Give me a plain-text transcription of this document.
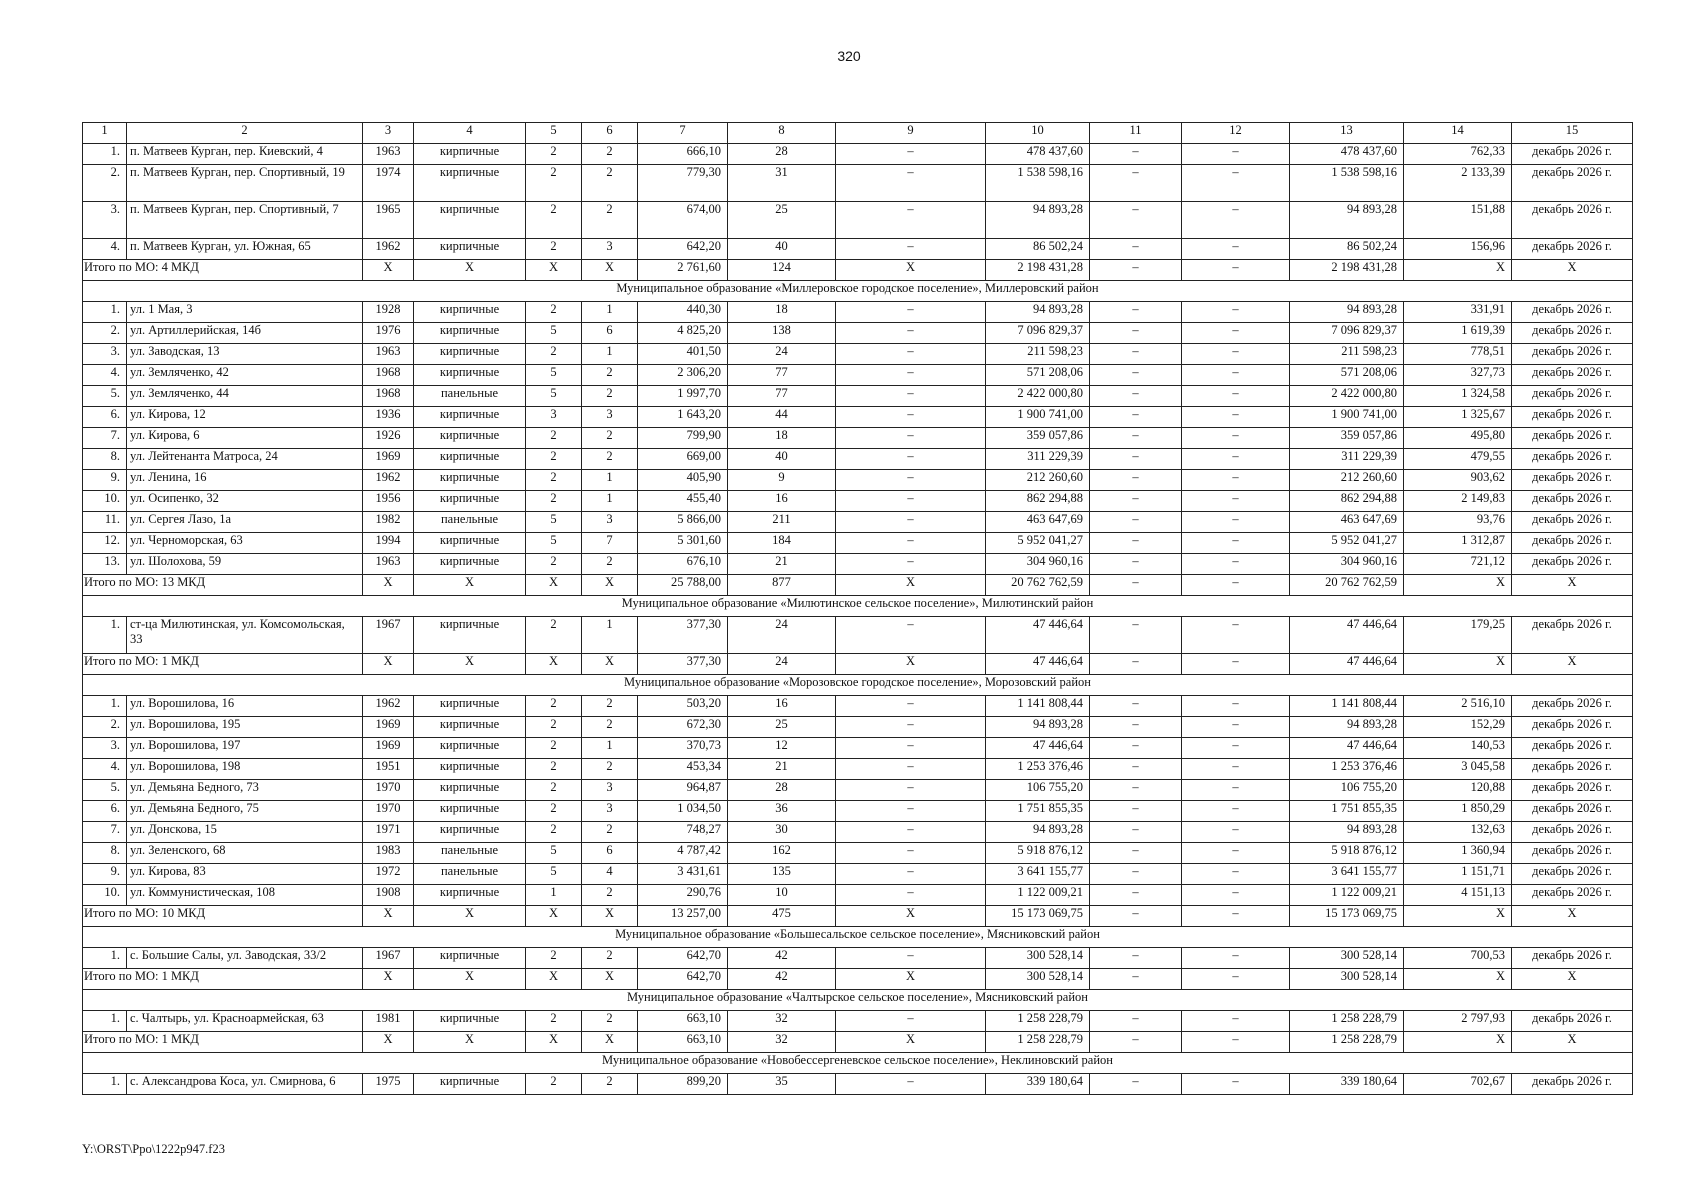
320
1	2	3	4	5	6	7	8	9	10	11	12	13	14	15
1.	п. Матвеев Курган, пер. Киевский, 4	1963	кирпичные	2	2	666,10	28	–	478 437,60	–	–	478 437,60	762,33	декабрь 2026 г.
2.	п. Матвеев Курган, пер. Спортивный, 19	1974	кирпичные	2	2	779,30	31	–	1 538 598,16	–	–	1 538 598,16	2 133,39	декабрь 2026 г.
3.	п. Матвеев Курган, пер. Спортивный, 7	1965	кирпичные	2	2	674,00	25	–	94 893,28	–	–	94 893,28	151,88	декабрь 2026 г.
4.	п. Матвеев Курган, ул. Южная, 65	1962	кирпичные	2	3	642,20	40	–	86 502,24	–	–	86 502,24	156,96	декабрь 2026 г.
Итого по МО: 4 МКД		X	X	X	X	2 761,60	124	X	2 198 431,28	–	–	2 198 431,28	X	X
Муниципальное образование «Миллеровское городское поселение», Миллеровский район														
1.	ул. 1 Мая, 3	1928	кирпичные	2	1	440,30	18	–	94 893,28	–	–	94 893,28	331,91	декабрь 2026 г.
2.	ул. Артиллерийская, 14б	1976	кирпичные	5	6	4 825,20	138	–	7 096 829,37	–	–	7 096 829,37	1 619,39	декабрь 2026 г.
3.	ул. Заводская, 13	1963	кирпичные	2	1	401,50	24	–	211 598,23	–	–	211 598,23	778,51	декабрь 2026 г.
4.	ул. Земляченко, 42	1968	кирпичные	5	2	2 306,20	77	–	571 208,06	–	–	571 208,06	327,73	декабрь 2026 г.
5.	ул. Земляченко, 44	1968	панельные	5	2	1 997,70	77	–	2 422 000,80	–	–	2 422 000,80	1 324,58	декабрь 2026 г.
6.	ул. Кирова, 12	1936	кирпичные	3	3	1 643,20	44	–	1 900 741,00	–	–	1 900 741,00	1 325,67	декабрь 2026 г.
7.	ул. Кирова, 6	1926	кирпичные	2	2	799,90	18	–	359 057,86	–	–	359 057,86	495,80	декабрь 2026 г.
8.	ул. Лейтенанта Матроса, 24	1969	кирпичные	2	2	669,00	40	–	311 229,39	–	–	311 229,39	479,55	декабрь 2026 г.
9.	ул. Ленина, 16	1962	кирпичные	2	1	405,90	9	–	212 260,60	–	–	212 260,60	903,62	декабрь 2026 г.
10.	ул. Осипенко, 32	1956	кирпичные	2	1	455,40	16	–	862 294,88	–	–	862 294,88	2 149,83	декабрь 2026 г.
11.	ул. Сергея Лазо, 1а	1982	панельные	5	3	5 866,00	211	–	463 647,69	–	–	463 647,69	93,76	декабрь 2026 г.
12.	ул. Черноморская, 63	1994	кирпичные	5	7	5 301,60	184	–	5 952 041,27	–	–	5 952 041,27	1 312,87	декабрь 2026 г.
13.	ул. Шолохова, 59	1963	кирпичные	2	2	676,10	21	–	304 960,16	–	–	304 960,16	721,12	декабрь 2026 г.
Итого по МО: 13 МКД		X	X	X	X	25 788,00	877	X	20 762 762,59	–	–	20 762 762,59	X	X
Муниципальное образование «Милютинское сельское поселение», Милютинский район														
1.	ст-ца Милютинская, ул. Комсомольская, 33	1967	кирпичные	2	1	377,30	24	–	47 446,64	–	–	47 446,64	179,25	декабрь 2026 г.
Итого по МО: 1 МКД		X	X	X	X	377,30	24	X	47 446,64	–	–	47 446,64	X	X
Муниципальное образование «Морозовское городское поселение», Морозовский район														
1.	ул. Ворошилова, 16	1962	кирпичные	2	2	503,20	16	–	1 141 808,44	–	–	1 141 808,44	2 516,10	декабрь 2026 г.
2.	ул. Ворошилова, 195	1969	кирпичные	2	2	672,30	25	–	94 893,28	–	–	94 893,28	152,29	декабрь 2026 г.
3.	ул. Ворошилова, 197	1969	кирпичные	2	1	370,73	12	–	47 446,64	–	–	47 446,64	140,53	декабрь 2026 г.
4.	ул. Ворошилова, 198	1951	кирпичные	2	2	453,34	21	–	1 253 376,46	–	–	1 253 376,46	3 045,58	декабрь 2026 г.
5.	ул. Демьяна Бедного, 73	1970	кирпичные	2	3	964,87	28	–	106 755,20	–	–	106 755,20	120,88	декабрь 2026 г.
6.	ул. Демьяна Бедного, 75	1970	кирпичные	2	3	1 034,50	36	–	1 751 855,35	–	–	1 751 855,35	1 850,29	декабрь 2026 г.
7.	ул. Донскова, 15	1971	кирпичные	2	2	748,27	30	–	94 893,28	–	–	94 893,28	132,63	декабрь 2026 г.
8.	ул. Зеленского, 68	1983	панельные	5	6	4 787,42	162	–	5 918 876,12	–	–	5 918 876,12	1 360,94	декабрь 2026 г.
9.	ул. Кирова, 83	1972	панельные	5	4	3 431,61	135	–	3 641 155,77	–	–	3 641 155,77	1 151,71	декабрь 2026 г.
10.	ул. Коммунистическая, 108	1908	кирпичные	1	2	290,76	10	–	1 122 009,21	–	–	1 122 009,21	4 151,13	декабрь 2026 г.
Итого по МО: 10 МКД		X	X	X	X	13 257,00	475	X	15 173 069,75	–	–	15 173 069,75	X	X
Муниципальное образование «Большесальское сельское поселение», Мясниковский район														
1.	с. Большие Салы, ул. Заводская, 33/2	1967	кирпичные	2	2	642,70	42	–	300 528,14	–	–	300 528,14	700,53	декабрь 2026 г.
Итого по МО: 1 МКД		X	X	X	X	642,70	42	X	300 528,14	–	–	300 528,14	X	X
Муниципальное образование «Чалтырское сельское поселение», Мясниковский район														
1.	с. Чалтырь, ул. Красноармейская, 63	1981	кирпичные	2	2	663,10	32	–	1 258 228,79	–	–	1 258 228,79	2 797,93	декабрь 2026 г.
Итого по МО: 1 МКД		X	X	X	X	663,10	32	X	1 258 228,79	–	–	1 258 228,79	X	X
Муниципальное образование «Новобессергеневское сельское поселение», Неклиновский район														
1.	с. Александрова Коса, ул. Смирнова, 6	1975	кирпичные	2	2	899,20	35	–	339 180,64	–	–	339 180,64	702,67	декабрь 2026 г.
Y:\ORST\Ppo\1222p947.f23
